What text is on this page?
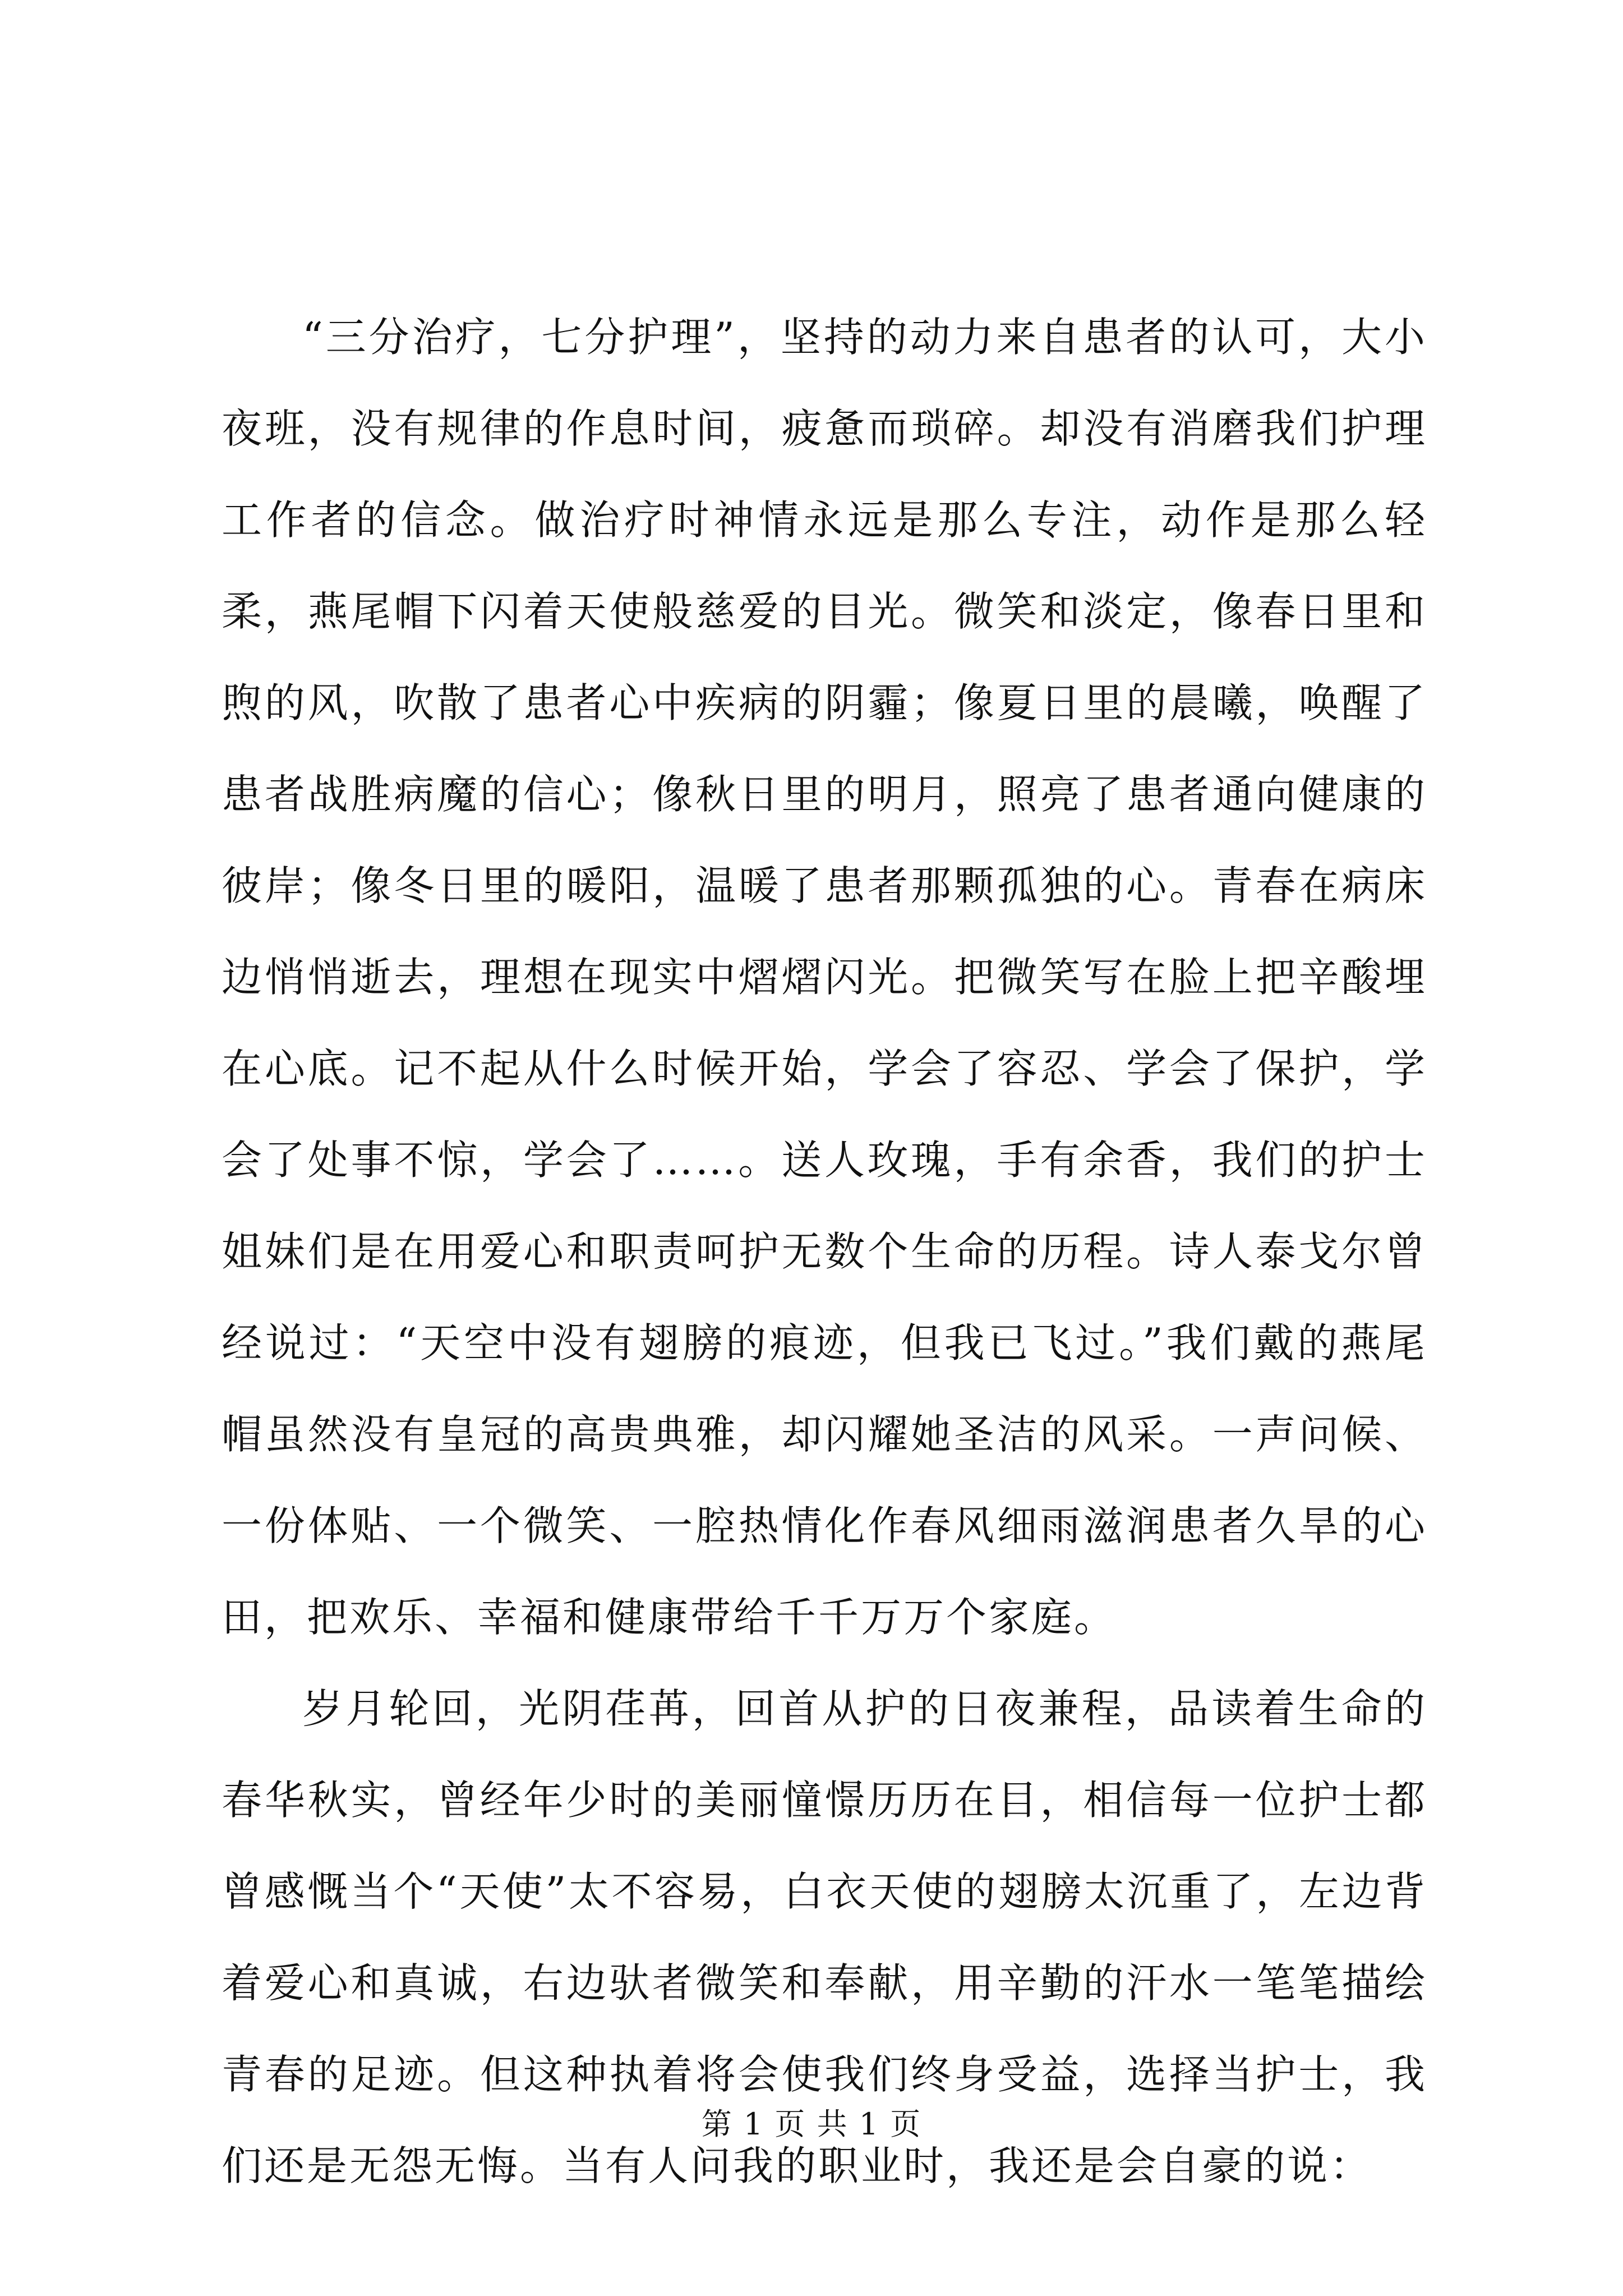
“三分治疗，七分护理”，坚持的动力来自患者的认可，大小夜班，没有规律的作息时间，疲惫而琐碎。却没有消磨我们护理工作者的信念。做治疗时神情永远是那么专注，动作是那么轻柔，燕尾帽下闪着天使般慈爱的目光。微笑和淡定，像春日里和煦的风，吹散了患者心中疾病的阴霾；像夏日里的晨曦，唤醒了患者战胜病魔的信心；像秋日里的明月，照亮了患者通向健康的彼岸；像冬日里的暖阳，温暖了患者那颗孤独的心。青春在病床边悄悄逝去，理想在现实中熠熠闪光。把微笑写在脸上把辛酸埋在心底。记不起从什么时候开始，学会了容忍、学会了保护，学会了处事不惊，学会了……。送人玫瑰，手有余香，我们的护士姐妹们是在用爱心和职责呵护无数个生命的历程。诗人泰戈尔曾经说过：“天空中没有翅膀的痕迹，但我已飞过。”我们戴的燕尾帽虽然没有皇冠的高贵典雅，却闪耀她圣洁的风采。一声问候、一份体贴、一个微笑、一腔热情化作春风细雨滋润患者久旱的心田，把欢乐、幸福和健康带给千千万万个家庭。

岁月轮回，光阴荏苒，回首从护的日夜兼程，品读着生命的春华秋实，曾经年少时的美丽憧憬历历在目，相信每一位护士都曾感慨当个“天使”太不容易，白衣天使的翅膀太沉重了，左边背着爱心和真诚，右边驮者微笑和奉献，用辛勤的汗水一笔笔描绘青春的足迹。但这种执着将会使我们终身受益，选择当护士，我们还是无怨无悔。当有人问我的职业时，我还是会自豪的说：

第 1 页 共 1 页
